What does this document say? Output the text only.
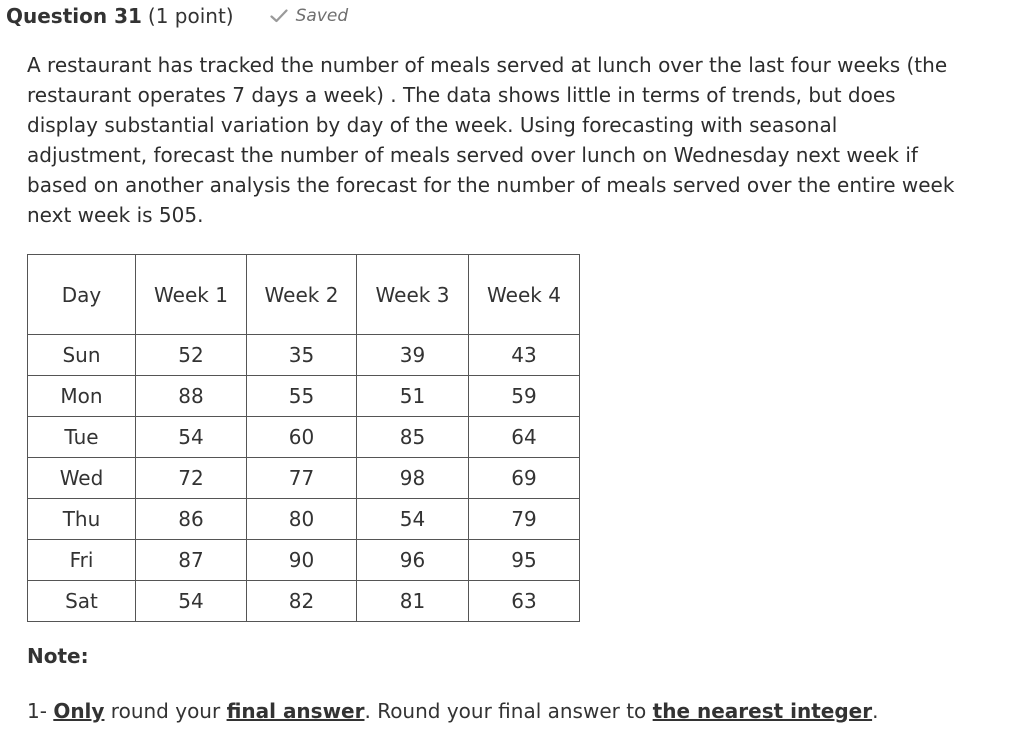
Question 31 (1 point)	Saved
A restaurant has tracked the number of meals served at lunch over the last four weeks (the restaurant operates 7 days a week) . The data shows little in terms of trends, but does display substantial variation by day of the week. Using forecasting with seasonal adjustment, forecast the number of meals served over lunch on Wednesday next week if based on another analysis the forecast for the number of meals served over the entire week next week is 505.
Day	Week 1	Week 2	Week 3	Week 4
Sun	52	35	39	43
Mon	88	55	51	59
Tue	54	60	85	64
Wed	72	77	98	69
Thu	86	80	54	79
Fri	87	90	96	95
Sat	54	82	81	63
Note:
1- Only round your final answer. Round your final answer to the nearest integer.
